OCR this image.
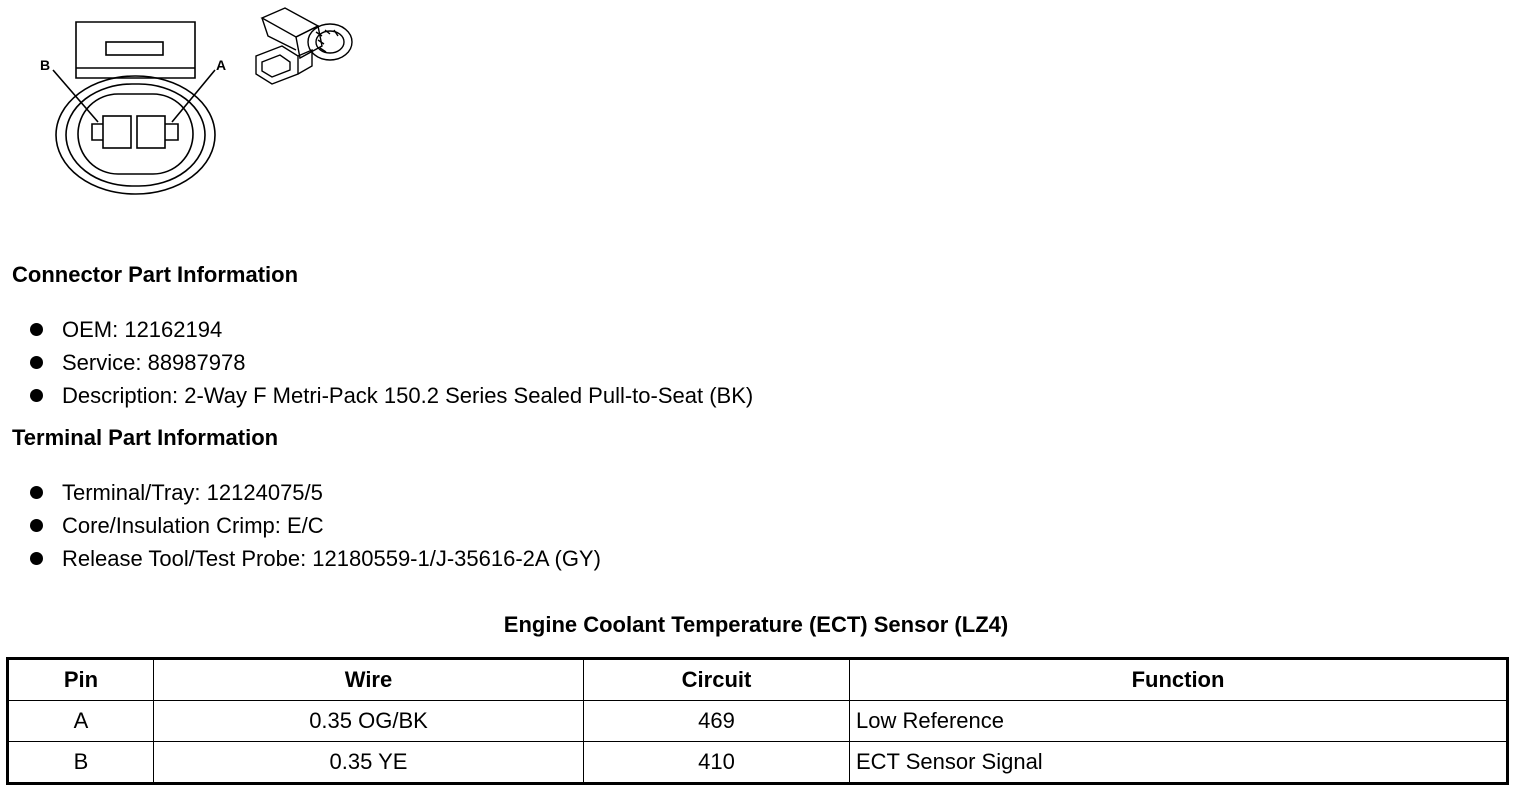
B	A
Connector Part Information
OEM: 12162194
Service: 88987978
Description: 2-Way F Metri-Pack 150.2 Series Sealed Pull-to-Seat (BK)
Terminal Part Information
Terminal/Tray: 12124075/5
Core/Insulation Crimp: E/C
Release Tool/Test Probe: 12180559-1/J-35616-2A (GY)
Engine Coolant Temperature (ECT) Sensor (LZ4)
Pin	Wire	Circuit	Function
A	0.35 OG/BK	469	Low Reference
B	0.35 YE	410	ECT Sensor Signal
